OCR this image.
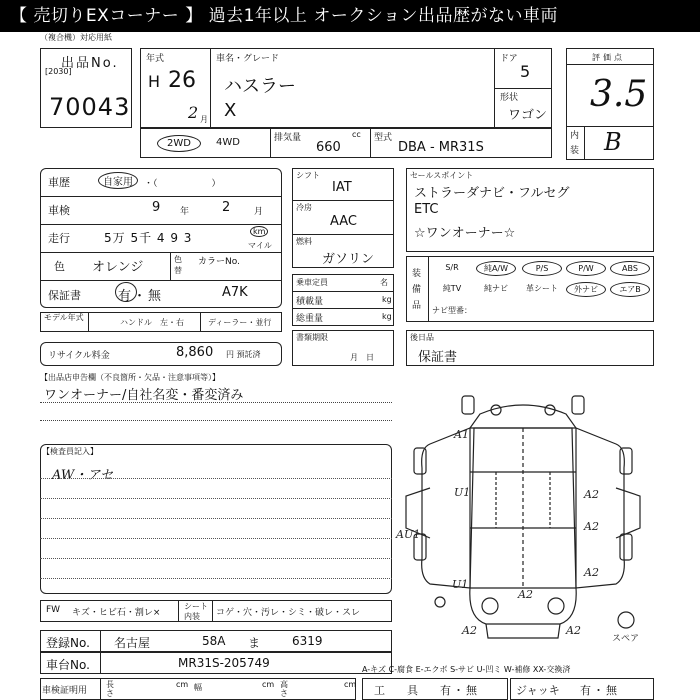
【 売切りEXコーナー 】 過去1年以上 オークション出品歴がない車両
（複合機）対応用紙
出品No.
[2030]
70043
年式
H 26
2 月
車名・グレード
ハスラー
X
ドア
5
形状
ワゴン
評価点
3.5
内
装 B
2WD	4WD	排気量	cc
660
型式
DBA - MR31S
車歴	自家用	・（　　　　　　）
車検	9 年	2	月
走行	5万 5千 4 9 3	km
マイル
色 オレンジ
色替
カラーNo.
保証書	有・無	A7K
モデル年式
ハンドル　左・右	ディーラー・並行
リサイクル料金	8,860 円 預託済
シフト
IAT
冷房
AAC
燃料
ガソリン
乗車定員	名
積載量	kg
総重量	kg
書類期限
月　日
セールスポイント
ストラーダナビ・フルセグ
ETC
☆ワンオーナー☆
装
備
品
S/R	純A/W	P/S	P/W	ABS
純TV	純ナビ	革シート	外ナビ	エアB
ナビ型番：
後日品
保証書
【出品店申告欄（不良箇所・欠品・注意事項等）】
ワンオーナー/自社名変・番変済み
【検査員記入】
AW・アセ
A1
U1	A2
A2
AU1
U1
A2
A2	A2
A2
スペア
FW キズ・ヒビ石・割レ×
シート
内装 コゲ・穴・汚レ・シミ・破レ・スレ
登録No. 名古屋	58A ま	6319
車台No.	MR31S-205749	A-キズ C-腐食 E-エクボ S-サビ U-凹ミ W-補修 XX-交換済
車検証明用
長さ
cm 幅	cm 高さ
cm 工　　具 有・無	ジャッキ 有・無
